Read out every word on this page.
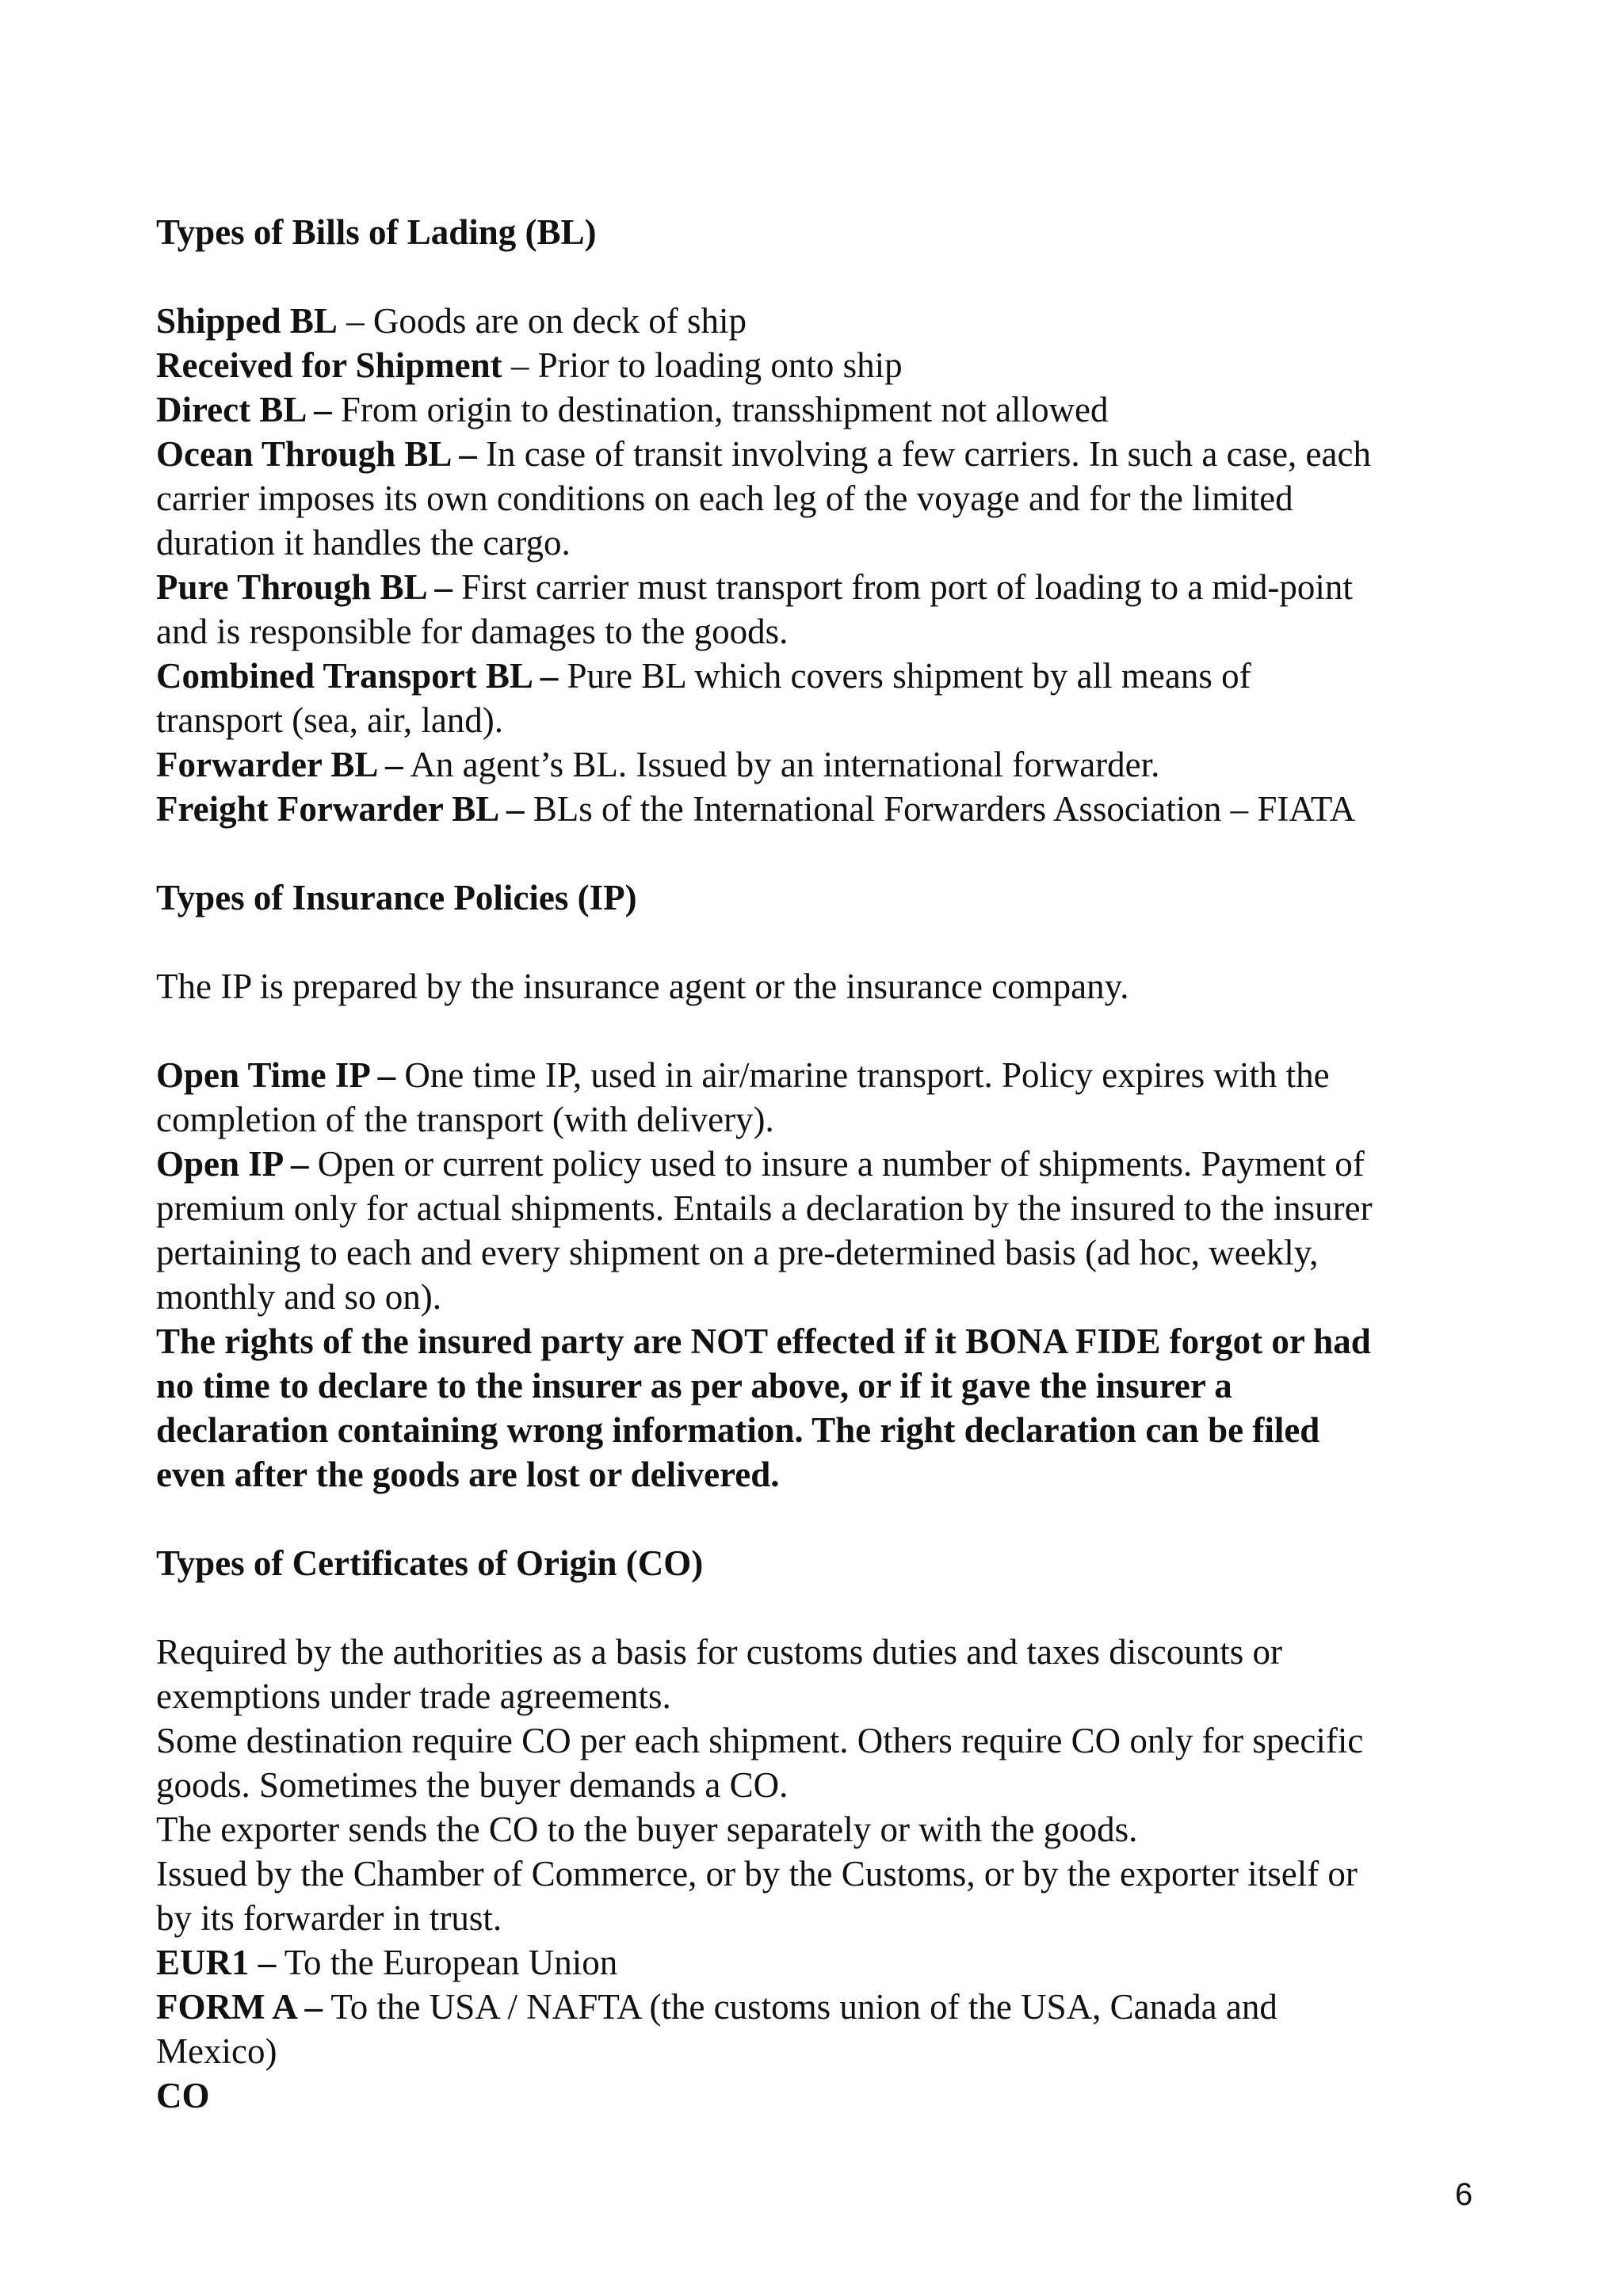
Types of Bills of Lading (BL)
Shipped BL – Goods are on deck of ship
Received for Shipment – Prior to loading onto ship
Direct BL – From origin to destination, transshipment not allowed
Ocean Through BL – In case of transit involving a few carriers. In such a case, each
carrier imposes its own conditions on each leg of the voyage and for the limited
duration it handles the cargo.
Pure Through BL – First carrier must transport from port of loading to a mid-point
and is responsible for damages to the goods.
Combined Transport BL – Pure BL which covers shipment by all means of
transport (sea, air, land).
Forwarder BL – An agent’s BL. Issued by an international forwarder.
Freight Forwarder BL – BLs of the International Forwarders Association – FIATA
Types of Insurance Policies (IP)
The IP is prepared by the insurance agent or the insurance company.
Open Time IP – One time IP, used in air/marine transport. Policy expires with the
completion of the transport (with delivery).
Open IP – Open or current policy used to insure a number of shipments. Payment of
premium only for actual shipments. Entails a declaration by the insured to the insurer
pertaining to each and every shipment on a pre-determined basis (ad hoc, weekly,
monthly and so on).
The rights of the insured party are NOT effected if it BONA FIDE forgot or had
no time to declare to the insurer as per above, or if it gave the insurer a
declaration containing wrong information. The right declaration can be filed
even after the goods are lost or delivered.
Types of Certificates of Origin (CO)
Required by the authorities as a basis for customs duties and taxes discounts or
exemptions under trade agreements.
Some destination require CO per each shipment. Others require CO only for specific
goods. Sometimes the buyer demands a CO.
The exporter sends the CO to the buyer separately or with the goods.
Issued by the Chamber of Commerce, or by the Customs, or by the exporter itself or
by its forwarder in trust.
EUR1 – To the European Union
FORM A – To the USA / NAFTA (the customs union of the USA, Canada and
Mexico)
CO
6
